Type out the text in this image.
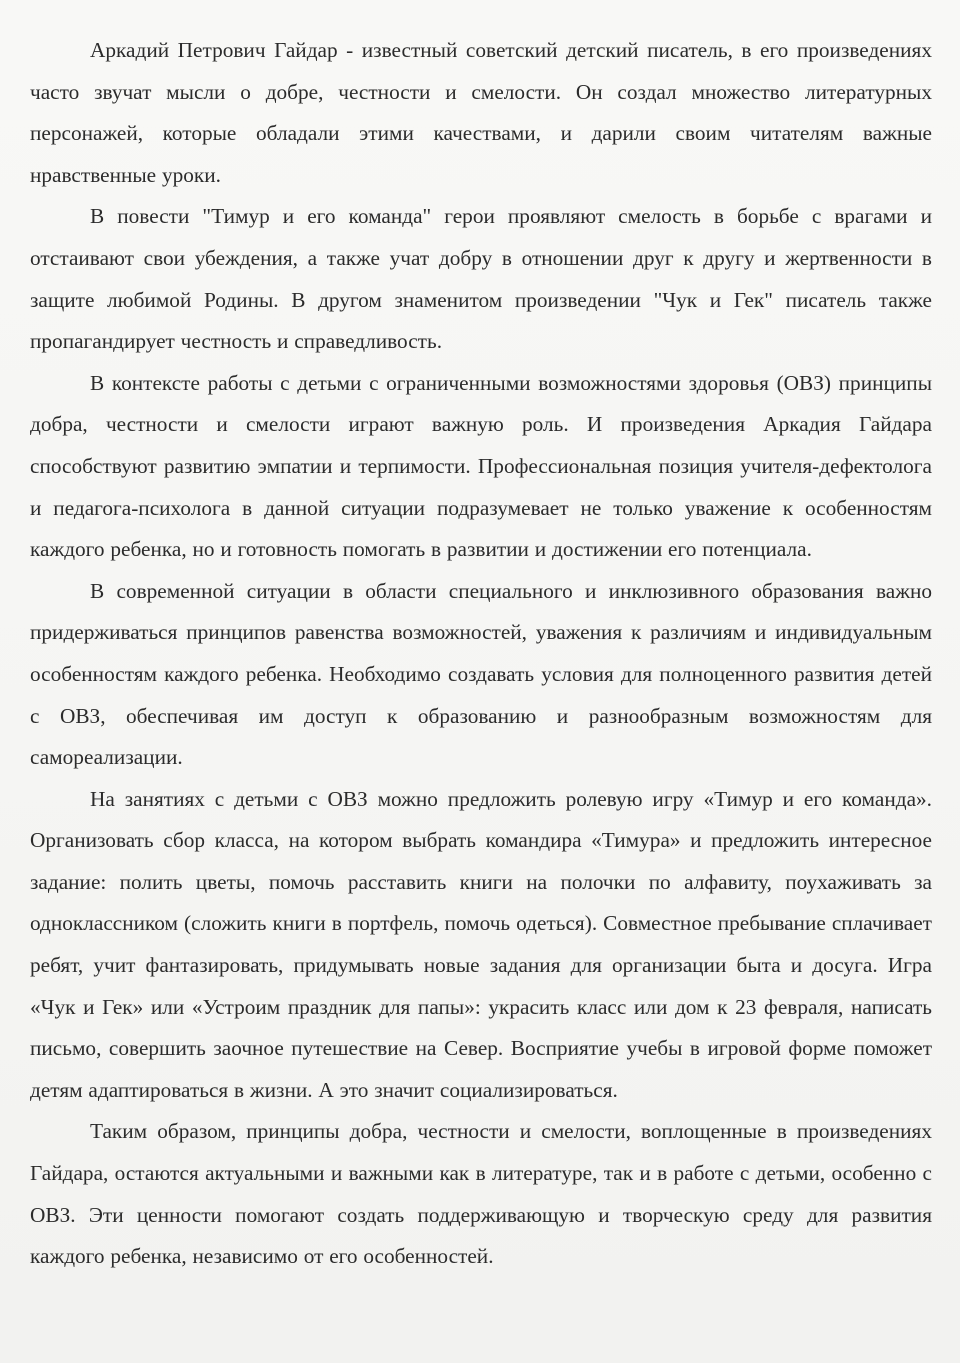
Аркадий Петрович Гайдар - известный советский детский писатель, в его произведениях часто звучат мысли о добре, честности и смелости. Он создал множество литературных персонажей, которые обладали этими качествами, и дарили своим читателям важные нравственные уроки.

В повести "Тимур и его команда" герои проявляют смелость в борьбе с врагами и отстаивают свои убеждения, а также учат добру в отношении друг к другу и жертвенности в защите любимой Родины. В другом знаменитом произведении "Чук и Гек" писатель также пропагандирует честность и справедливость.

В контексте работы с детьми с ограниченными возможностями здоровья (ОВЗ) принципы добра, честности и смелости играют важную роль. И произведения Аркадия Гайдара способствуют развитию эмпатии и терпимости. Профессиональная позиция учителя-дефектолога и педагога-психолога в данной ситуации подразумевает не только уважение к особенностям каждого ребенка, но и готовность помогать в развитии и достижении его потенциала.

В современной ситуации в области специального и инклюзивного образования важно придерживаться принципов равенства возможностей, уважения к различиям и индивидуальным особенностям каждого ребенка. Необходимо создавать условия для полноценного развития детей с ОВЗ, обеспечивая им доступ к образованию и разнообразным возможностям для самореализации.

На занятиях с детьми с ОВЗ можно предложить ролевую игру «Тимур и его команда». Организовать сбор класса, на котором выбрать командира «Тимура» и предложить интересное задание: полить цветы, помочь расставить книги на полочки по алфавиту, поухаживать за одноклассником (сложить книги в портфель, помочь одеться). Совместное пребывание сплачивает ребят, учит фантазировать, придумывать новые задания для организации быта и досуга. Игра «Чук и Гек» или «Устроим праздник для папы»: украсить класс или дом к 23 февраля, написать письмо, совершить заочное путешествие на Север. Восприятие учебы в игровой форме поможет детям адаптироваться в жизни. А это значит социализироваться.

Таким образом, принципы добра, честности и смелости, воплощенные в произведениях Гайдара, остаются актуальными и важными как в литературе, так и в работе с детьми, особенно с ОВЗ. Эти ценности помогают создать поддерживающую и творческую среду для развития каждого ребенка, независимо от его особенностей.
